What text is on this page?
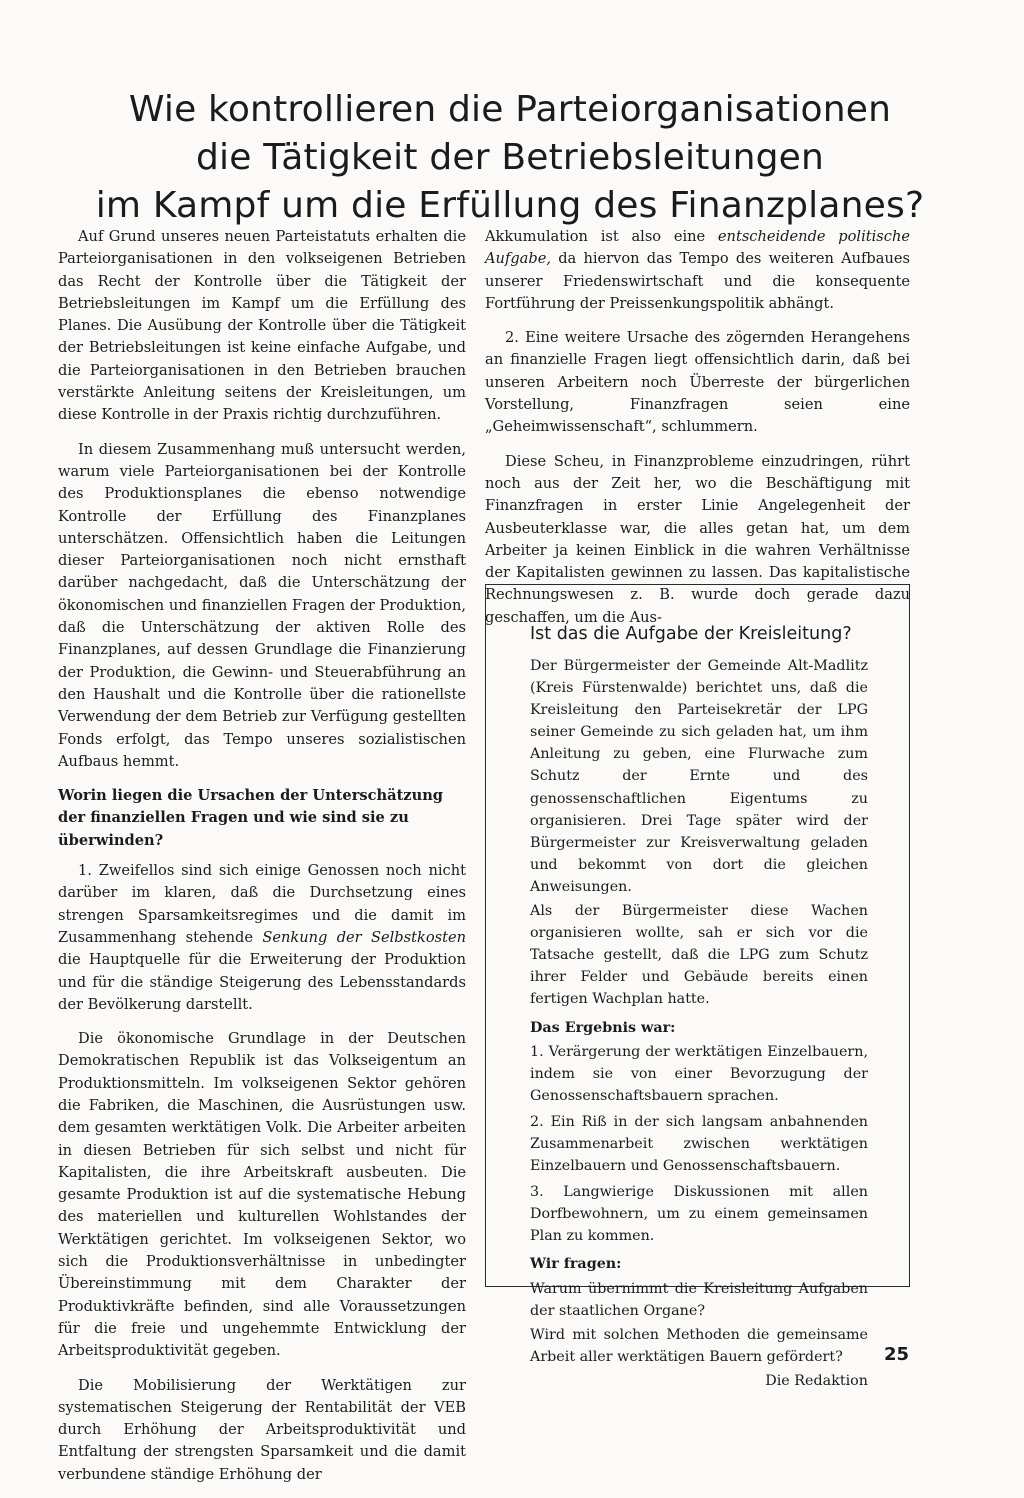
Wie kontrollieren die Parteiorganisationen
die Tätigkeit der Betriebsleitungen
im Kampf um die Erfüllung des Finanzplanes?

Auf Grund unseres neuen Parteistatuts erhalten die Parteiorganisationen in den volkseigenen Betrieben das Recht der Kontrolle über die Tätigkeit der Betriebsleitungen im Kampf um die Erfüllung des Planes. Die Ausübung der Kontrolle über die Tätigkeit der Betriebsleitungen ist keine einfache Aufgabe, und die Parteiorganisationen in den Betrieben brauchen verstärkte Anleitung seitens der Kreisleitungen, um diese Kontrolle in der Praxis richtig durchzuführen.

In diesem Zusammenhang muß untersucht werden, warum viele Parteiorganisationen bei der Kontrolle des Produktionsplanes die ebenso notwendige Kontrolle der Erfüllung des Finanzplanes unterschätzen. Offensichtlich haben die Leitungen dieser Parteiorganisationen noch nicht ernsthaft darüber nachgedacht, daß die Unterschätzung der ökonomischen und finanziellen Fragen der Produktion, daß die Unterschätzung der aktiven Rolle des Finanzplanes, auf dessen Grundlage die Finanzierung der Produktion, die Gewinn- und Steuerabführung an den Haushalt und die Kontrolle über die rationellste Verwendung der dem Betrieb zur Verfügung gestellten Fonds erfolgt, das Tempo unseres sozialistischen Aufbaus hemmt.

Worin liegen die Ursachen der Unterschätzung der finanziellen Fragen und wie sind sie zu überwinden?

1. Zweifellos sind sich einige Genossen noch nicht darüber im klaren, daß die Durchsetzung eines strengen Sparsamkeitsregimes und die damit im Zusammenhang stehende Senkung der Selbstkosten die Hauptquelle für die Erweiterung der Produktion und für die ständige Steigerung des Lebensstandards der Bevölkerung darstellt.

Die ökonomische Grundlage in der Deutschen Demokratischen Republik ist das Volkseigentum an Produktionsmitteln. Im volkseigenen Sektor gehören die Fabriken, die Maschinen, die Ausrüstungen usw. dem gesamten werktätigen Volk. Die Arbeiter arbeiten in diesen Betrieben für sich selbst und nicht für Kapitalisten, die ihre Arbeitskraft ausbeuten. Die gesamte Produktion ist auf die systematische Hebung des materiellen und kulturellen Wohlstandes der Werktätigen gerichtet. Im volkseigenen Sektor, wo sich die Produktionsverhältnisse in unbedingter Übereinstimmung mit dem Charakter der Produktivkräfte befinden, sind alle Voraussetzungen für die freie und ungehemmte Entwicklung der Arbeitsproduktivität gegeben.

Die Mobilisierung der Werktätigen zur systematischen Steigerung der Rentabilität der VEB durch Erhöhung der Arbeitsproduktivität und Entfaltung der strengsten Sparsamkeit und die damit verbundene ständige Erhöhung der

Akkumulation ist also eine entscheidende politische Aufgabe, da hiervon das Tempo des weiteren Aufbaues unserer Friedenswirtschaft und die konsequente Fortführung der Preissenkungspolitik abhängt.

2. Eine weitere Ursache des zögernden Herangehens an finanzielle Fragen liegt offensichtlich darin, daß bei unseren Arbeitern noch Überreste der bürgerlichen Vorstellung, Finanzfragen seien eine „Geheimwissenschaft“, schlummern.

Diese Scheu, in Finanzprobleme einzudringen, rührt noch aus der Zeit her, wo die Beschäftigung mit Finanzfragen in erster Linie Angelegenheit der Ausbeuterklasse war, die alles getan hat, um dem Arbeiter ja keinen Einblick in die wahren Verhältnisse der Kapitalisten gewinnen zu lassen. Das kapitalistische Rechnungswesen z. B. wurde doch gerade dazu geschaffen, um die Aus-

Ist das die Aufgabe der Kreisleitung?

Der Bürgermeister der Gemeinde Alt-Madlitz (Kreis Fürstenwalde) berichtet uns, daß die Kreisleitung den Parteisekretär der LPG seiner Gemeinde zu sich geladen hat, um ihm Anleitung zu geben, eine Flurwache zum Schutz der Ernte und des genossenschaftlichen Eigentums zu organisieren. Drei Tage später wird der Bürgermeister zur Kreisverwaltung geladen und bekommt von dort die gleichen Anweisungen.

Als der Bürgermeister diese Wachen organisieren wollte, sah er sich vor die Tatsache gestellt, daß die LPG zum Schutz ihrer Felder und Gebäude bereits einen fertigen Wachplan hatte.

Das Ergebnis war:

1. Verärgerung der werktätigen Einzelbauern, indem sie von einer Bevorzugung der Genossenschaftsbauern sprachen.
2. Ein Riß in der sich langsam anbahnenden Zusammenarbeit zwischen werktätigen Einzelbauern und Genossenschaftsbauern.
3. Langwierige Diskussionen mit allen Dorfbewohnern, um zu einem gemeinsamen Plan zu kommen.

Wir fragen:

Warum übernimmt die Kreisleitung Aufgaben der staatlichen Organe?

Wird mit solchen Methoden die gemeinsame Arbeit aller werktätigen Bauern gefördert?

Die Redaktion

25
